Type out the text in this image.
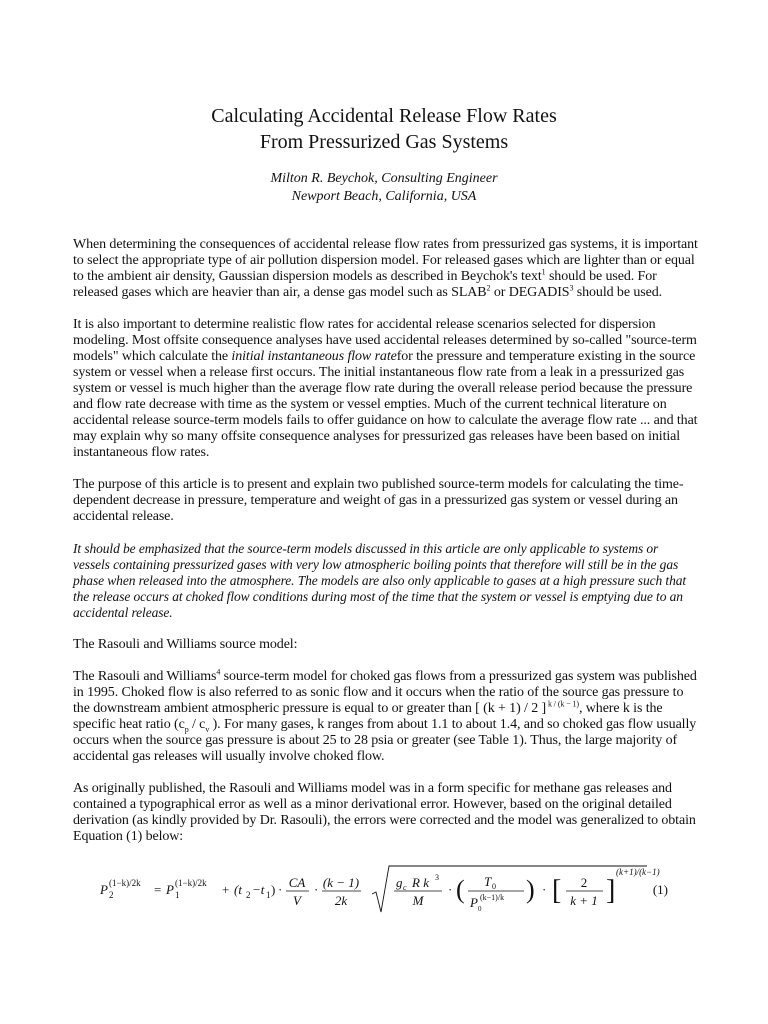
Calculating Accidental Release Flow Rates
From Pressurized Gas Systems
Milton R. Beychok, Consulting Engineer
Newport Beach, California, USA

When determining the consequences of accidental release flow rates from pressurized gas systems, it is important to select the appropriate type of air pollution dispersion model. For released gases which are lighter than or equal to the ambient air density, Gaussian dispersion models as described in Beychok's text$^1$ should be used. For released gases which are heavier than air, a dense gas model such as SLAB$^2$ or DEGADIS$^3$ should be used.

It is also important to determine realistic flow rates for accidental release scenarios selected for dispersion modeling. Most offsite consequence analyses have used accidental releases determined by so-called "source-term models" which calculate the initial instantaneous flow ratefor the pressure and temperature existing in the source system or vessel when a release first occurs. The initial instantaneous flow rate from a leak in a pressurized gas system or vessel is much higher than the average flow rate during the overall release period because the pressure and flow rate decrease with time as the system or vessel empties. Much of the current technical literature on accidental release source-term models fails to offer guidance on how to calculate the average flow rate ... and that may explain why so many offsite consequence analyses for pressurized gas releases have been based on initial instantaneous flow rates.

The purpose of this article is to present and explain two published source-term models for calculating the time-dependent decrease in pressure, temperature and weight of gas in a pressurized gas system or vessel during an accidental release.

It should be emphasized that the source-term models discussed in this article are only applicable to systems or vessels containing pressurized gases with very low atmospheric boiling points that therefore will still be in the gas phase when released into the atmosphere. The models are also only applicable to gases at a high pressure such that the release occurs at choked flow conditions during most of the time that the system or vessel is emptying due to an accidental release.

The Rasouli and Williams source model:

The Rasouli and Williams$^4$ source-term model for choked gas flows from a pressurized gas system was published in 1995. Choked flow is also referred to as sonic flow and it occurs when the ratio of the source gas pressure to the downstream ambient atmospheric pressure is equal to or greater than [ (k + 1) / 2 ] $^{k / (k - 1)}$, where k is the specific heat ratio ($c_p / c_v$ ). For many gases, k ranges from about 1.1 to about 1.4, and so choked gas flow usually occurs when the source gas pressure is about 25 to 28 psia or greater (see Table 1). Thus, the large majority of accidental gas releases will usually involve choked flow.

As originally published, the Rasouli and Williams model was in a form specific for methane gas releases and contained a typographical error as well as a minor derivational error. However, based on the original detailed derivation (as kindly provided by Dr. Rasouli), the errors were corrected and the model was generalized to obtain Equation (1) below:

P 2
(1−k)/2k = P 1
(1−k)/2k + (t 2 −t 1 ) · CA
V
· (k − 1)
2k
g c R k 3
M
· ( T 0
P 0
(k−1)/k ) · [ 2
k + 1 ]
(k+1)/(k−1)
(1)
